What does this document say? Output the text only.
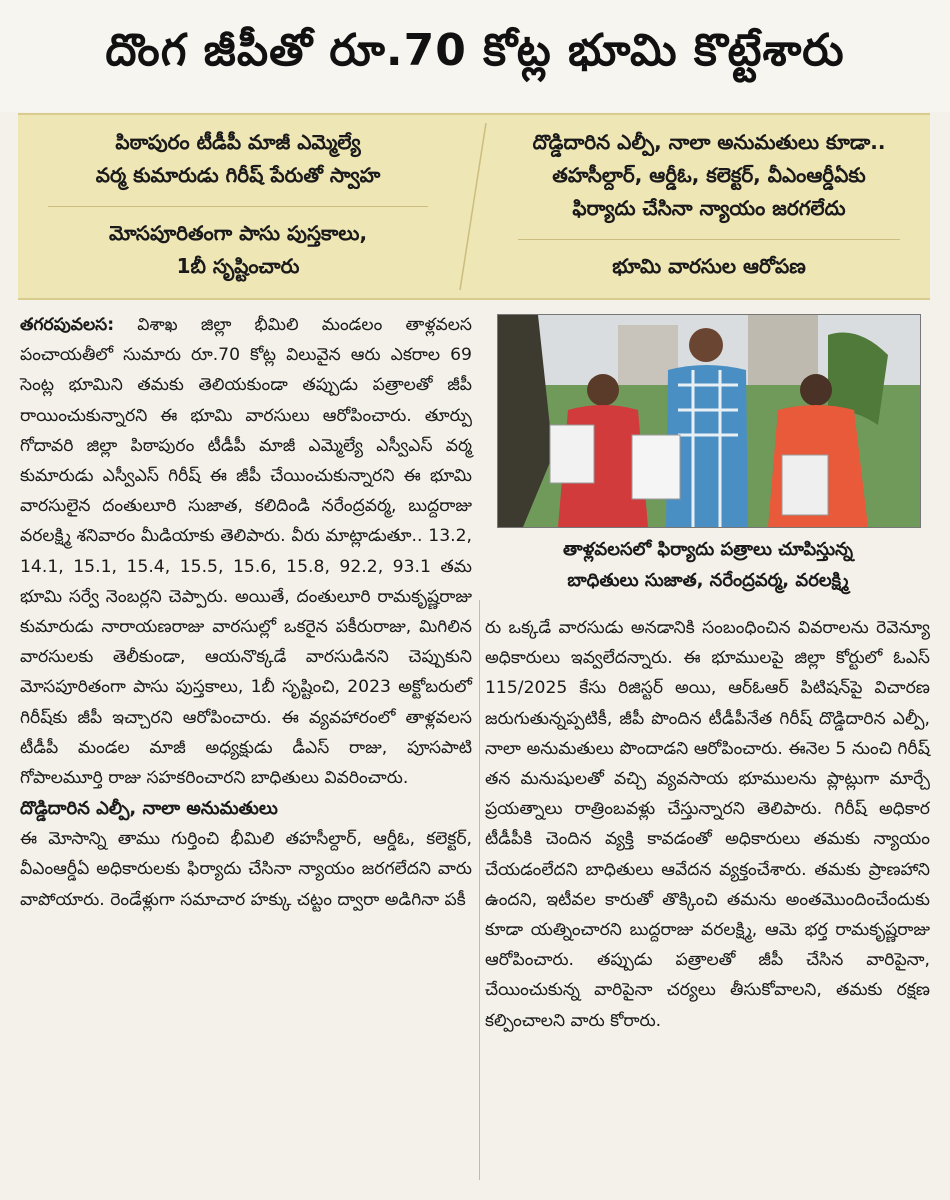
దొంగ జీపీతో రూ.70 కోట్ల భూమి కొట్టేశారు
పిఠాపురం టీడీపీ మాజీ ఎమ్మెల్యే
వర్మ కుమారుడు గిరీష్ పేరుతో స్వాహ
మోసపూరితంగా పాసు పుస్తకాలు,
1బీ సృష్టించారు
దొడ్డిదారిన ఎల్పీ, నాలా అనుమతులు కూడా..
తహసీల్దార్, ఆర్డీఓ, కలెక్టర్, వీఎంఆర్డీఏకు
ఫిర్యాదు చేసినా న్యాయం జరగలేదు
భూమి వారసుల ఆరోపణ

తగరపువలస: విశాఖ జిల్లా భీమిలి మండలం తాళ్లవలస పంచాయతీలో సుమారు రూ.70 కోట్ల విలువైన ఆరు ఎకరాల 69 సెంట్ల భూమిని తమకు తెలియకుండా తప్పుడు పత్రాలతో జీపీ రాయించుకున్నారని ఈ భూమి వారసులు ఆరోపించారు. తూర్పు గోదావరి జిల్లా పిఠాపురం టీడీపీ మాజీ ఎమ్మెల్యే ఎస్వీఎస్ వర్మ కుమారుడు ఎస్వీఎస్ గిరీష్ ఈ జీపీ చేయించుకున్నారని ఈ భూమి వారసులైన దంతులూరి సుజాత, కలిదిండి నరేంద్రవర్మ, బుద్దరాజు వరలక్ష్మి శనివారం మీడియాకు తెలిపారు. వీరు మాట్లాడుతూ.. 13.2, 14.1, 15.1, 15.4, 15.5, 15.6, 15.8, 92.2, 93.1 తమ భూమి సర్వే నెంబర్లని చెప్పారు. అయితే, దంతులూరి రామకృష్ణరాజు కుమారుడు నారాయణరాజు వారసుల్లో ఒకరైన పకీరురాజు, మిగిలిన వారసులకు తెలీకుండా, ఆయనొక్కడే వారసుడినని చెప్పుకుని మోసపూరితంగా పాసు పుస్తకాలు, 1బీ సృష్టించి, 2023 అక్టోబరులో గిరీష్‌కు జీపీ ఇచ్చారని ఆరోపించారు. ఈ వ్యవహారంలో తాళ్లవలస టీడీపీ మండల మాజీ అధ్యక్షుడు డీఎస్ రాజు, పూసపాటి గోపాలమూర్తి రాజు సహకరించారని బాధితులు వివరించారు.

దొడ్డిదారిన ఎల్పీ, నాలా అనుమతులు

ఈ మోసాన్ని తాము గుర్తించి భీమిలి తహసీల్దార్, ఆర్డీఓ, కలెక్టర్, వీఎంఆర్డీఏ అధికారులకు ఫిర్యాదు చేసినా న్యాయం జరగలేదని వారు వాపోయారు. రెండేళ్లుగా సమాచార హక్కు చట్టం ద్వారా అడిగినా పకీ

తాళ్లవలసలో ఫిర్యాదు పత్రాలు చూపిస్తున్న
బాధితులు సుజాత, నరేంద్రవర్మ, వరలక్ష్మి

రు ఒక్కడే వారసుడు అనడానికి సంబంధించిన వివరాలను రెవెన్యూ అధికారులు ఇవ్వలేదన్నారు. ఈ భూములపై జిల్లా కోర్టులో ఓఎస్ 115/2025 కేసు రిజిస్టర్ అయి, ఆర్ఓఆర్ పిటిషన్‌పై విచారణ జరుగుతున్నప్పటికీ, జీపీ పొందిన టీడీపీనేత గిరీష్ దొడ్డిదారిన ఎల్పీ, నాలా అనుమతులు పొందాడని ఆరోపించారు. ఈనెల 5 నుంచి గిరీష్ తన మనుషులతో వచ్చి వ్యవసాయ భూములను ప్లాట్లుగా మార్చే ప్రయత్నాలు రాత్రింబవళ్లు చేస్తున్నారని తెలిపారు. గిరీష్ అధికార టీడీపీకి చెందిన వ్యక్తి కావడంతో అధికారులు తమకు న్యాయం చేయడంలేదని బాధితులు ఆవేదన వ్యక్తంచేశారు. తమకు ప్రాణహాని ఉందని, ఇటీవల కారుతో తొక్కించి తమను అంతమొందించేందుకు కూడా యత్నించారని బుద్దరాజు వరలక్ష్మి, ఆమె భర్త రామకృష్ణరాజు ఆరోపించారు. తప్పుడు పత్రాలతో జీపీ చేసిన వారిపైనా, చేయించుకున్న వారిపైనా చర్యలు తీసుకోవాలని, తమకు రక్షణ కల్పించాలని వారు కోరారు.
